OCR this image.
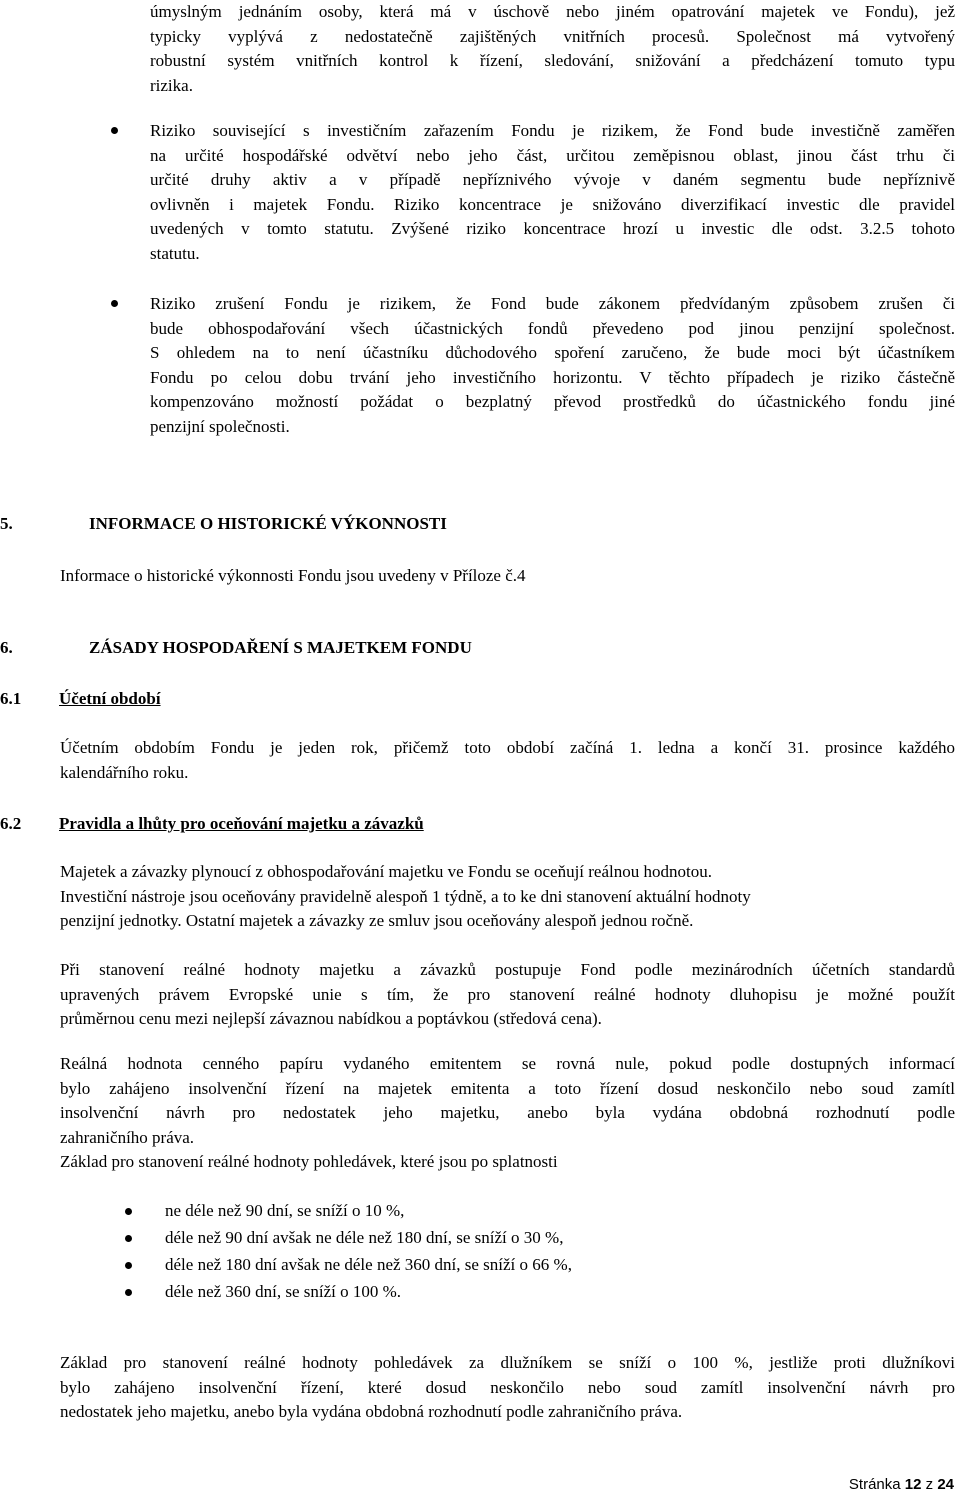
úmyslným jednáním osoby, která má v úschově nebo jiném opatrování majetek ve Fondu), jež
typicky vyplývá z nedostatečně zajištěných vnitřních procesů. Společnost má vytvořený
robustní systém vnitřních kontrol k řízení, sledování, snižování a předcházení tomuto typu
rizika.
Riziko související s investičním zařazením Fondu je rizikem, že Fond bude investičně zaměřen
na určité hospodářské odvětví nebo jeho část, určitou zeměpisnou oblast, jinou část trhu či
určité druhy aktiv a v případě nepříznivého vývoje v daném segmentu bude nepříznivě
ovlivněn i majetek Fondu. Riziko koncentrace je snižováno diverzifikací investic dle pravidel
uvedených v tomto statutu. Zvýšené riziko koncentrace hrozí u investic dle odst. 3.2.5 tohoto
statutu.
Riziko zrušení Fondu je rizikem, že Fond bude zákonem předvídaným způsobem zrušen či
bude obhospodařování všech účastnických fondů převedeno pod jinou penzijní společnost.
S ohledem na to není účastníku důchodového spoření zaručeno, že bude moci být účastníkem
Fondu po celou dobu trvání jeho investičního horizontu. V těchto případech je riziko částečně
kompenzováno možností požádat o bezplatný převod prostředků do účastnického fondu jiné
penzijní společnosti.
5.	INFORMACE O HISTORICKÉ VÝKONNOSTI
Informace o historické výkonnosti Fondu jsou uvedeny v Příloze č.4
6.	ZÁSADY HOSPODAŘENÍ S MAJETKEM FONDU
6.1 Účetní období
Účetním obdobím Fondu je jeden rok, přičemž toto období začíná 1. ledna a končí 31. prosince každého
kalendářního roku.
6.2 Pravidla a lhůty pro oceňování majetku a závazků
Majetek a závazky plynoucí z obhospodařování majetku ve Fondu se oceňují reálnou hodnotou.
Investiční nástroje jsou oceňovány pravidelně alespoň 1 týdně, a to ke dni stanovení aktuální hodnoty
penzijní jednotky. Ostatní majetek a závazky ze smluv jsou oceňovány alespoň jednou ročně.
Při stanovení reálné hodnoty majetku a závazků postupuje Fond podle mezinárodních účetních standardů
upravených právem Evropské unie s tím, že pro stanovení reálné hodnoty dluhopisu je možné použít
průměrnou cenu mezi nejlepší závaznou nabídkou a poptávkou (středová cena).
Reálná hodnota cenného papíru vydaného emitentem se rovná nule, pokud podle dostupných informací
bylo zahájeno insolvenční řízení na majetek emitenta a toto řízení dosud neskončilo nebo soud zamítl
insolvenční návrh pro nedostatek jeho majetku, anebo byla vydána obdobná rozhodnutí podle
zahraničního práva.
Základ pro stanovení reálné hodnoty pohledávek, které jsou po splatnosti
ne déle než 90 dní, se sníží o 10 %,
déle než 90 dní avšak ne déle než 180 dní, se sníží o 30 %,
déle než 180 dní avšak ne déle než 360 dní, se sníží o 66 %,
déle než 360 dní, se sníží o 100 %.
Základ pro stanovení reálné hodnoty pohledávek za dlužníkem se sníží o 100 %, jestliže proti dlužníkovi
bylo zahájeno insolvenční řízení, které dosud neskončilo nebo soud zamítl insolvenční návrh pro
nedostatek jeho majetku, anebo byla vydána obdobná rozhodnutí podle zahraničního práva.
Stránka 12 z 24
